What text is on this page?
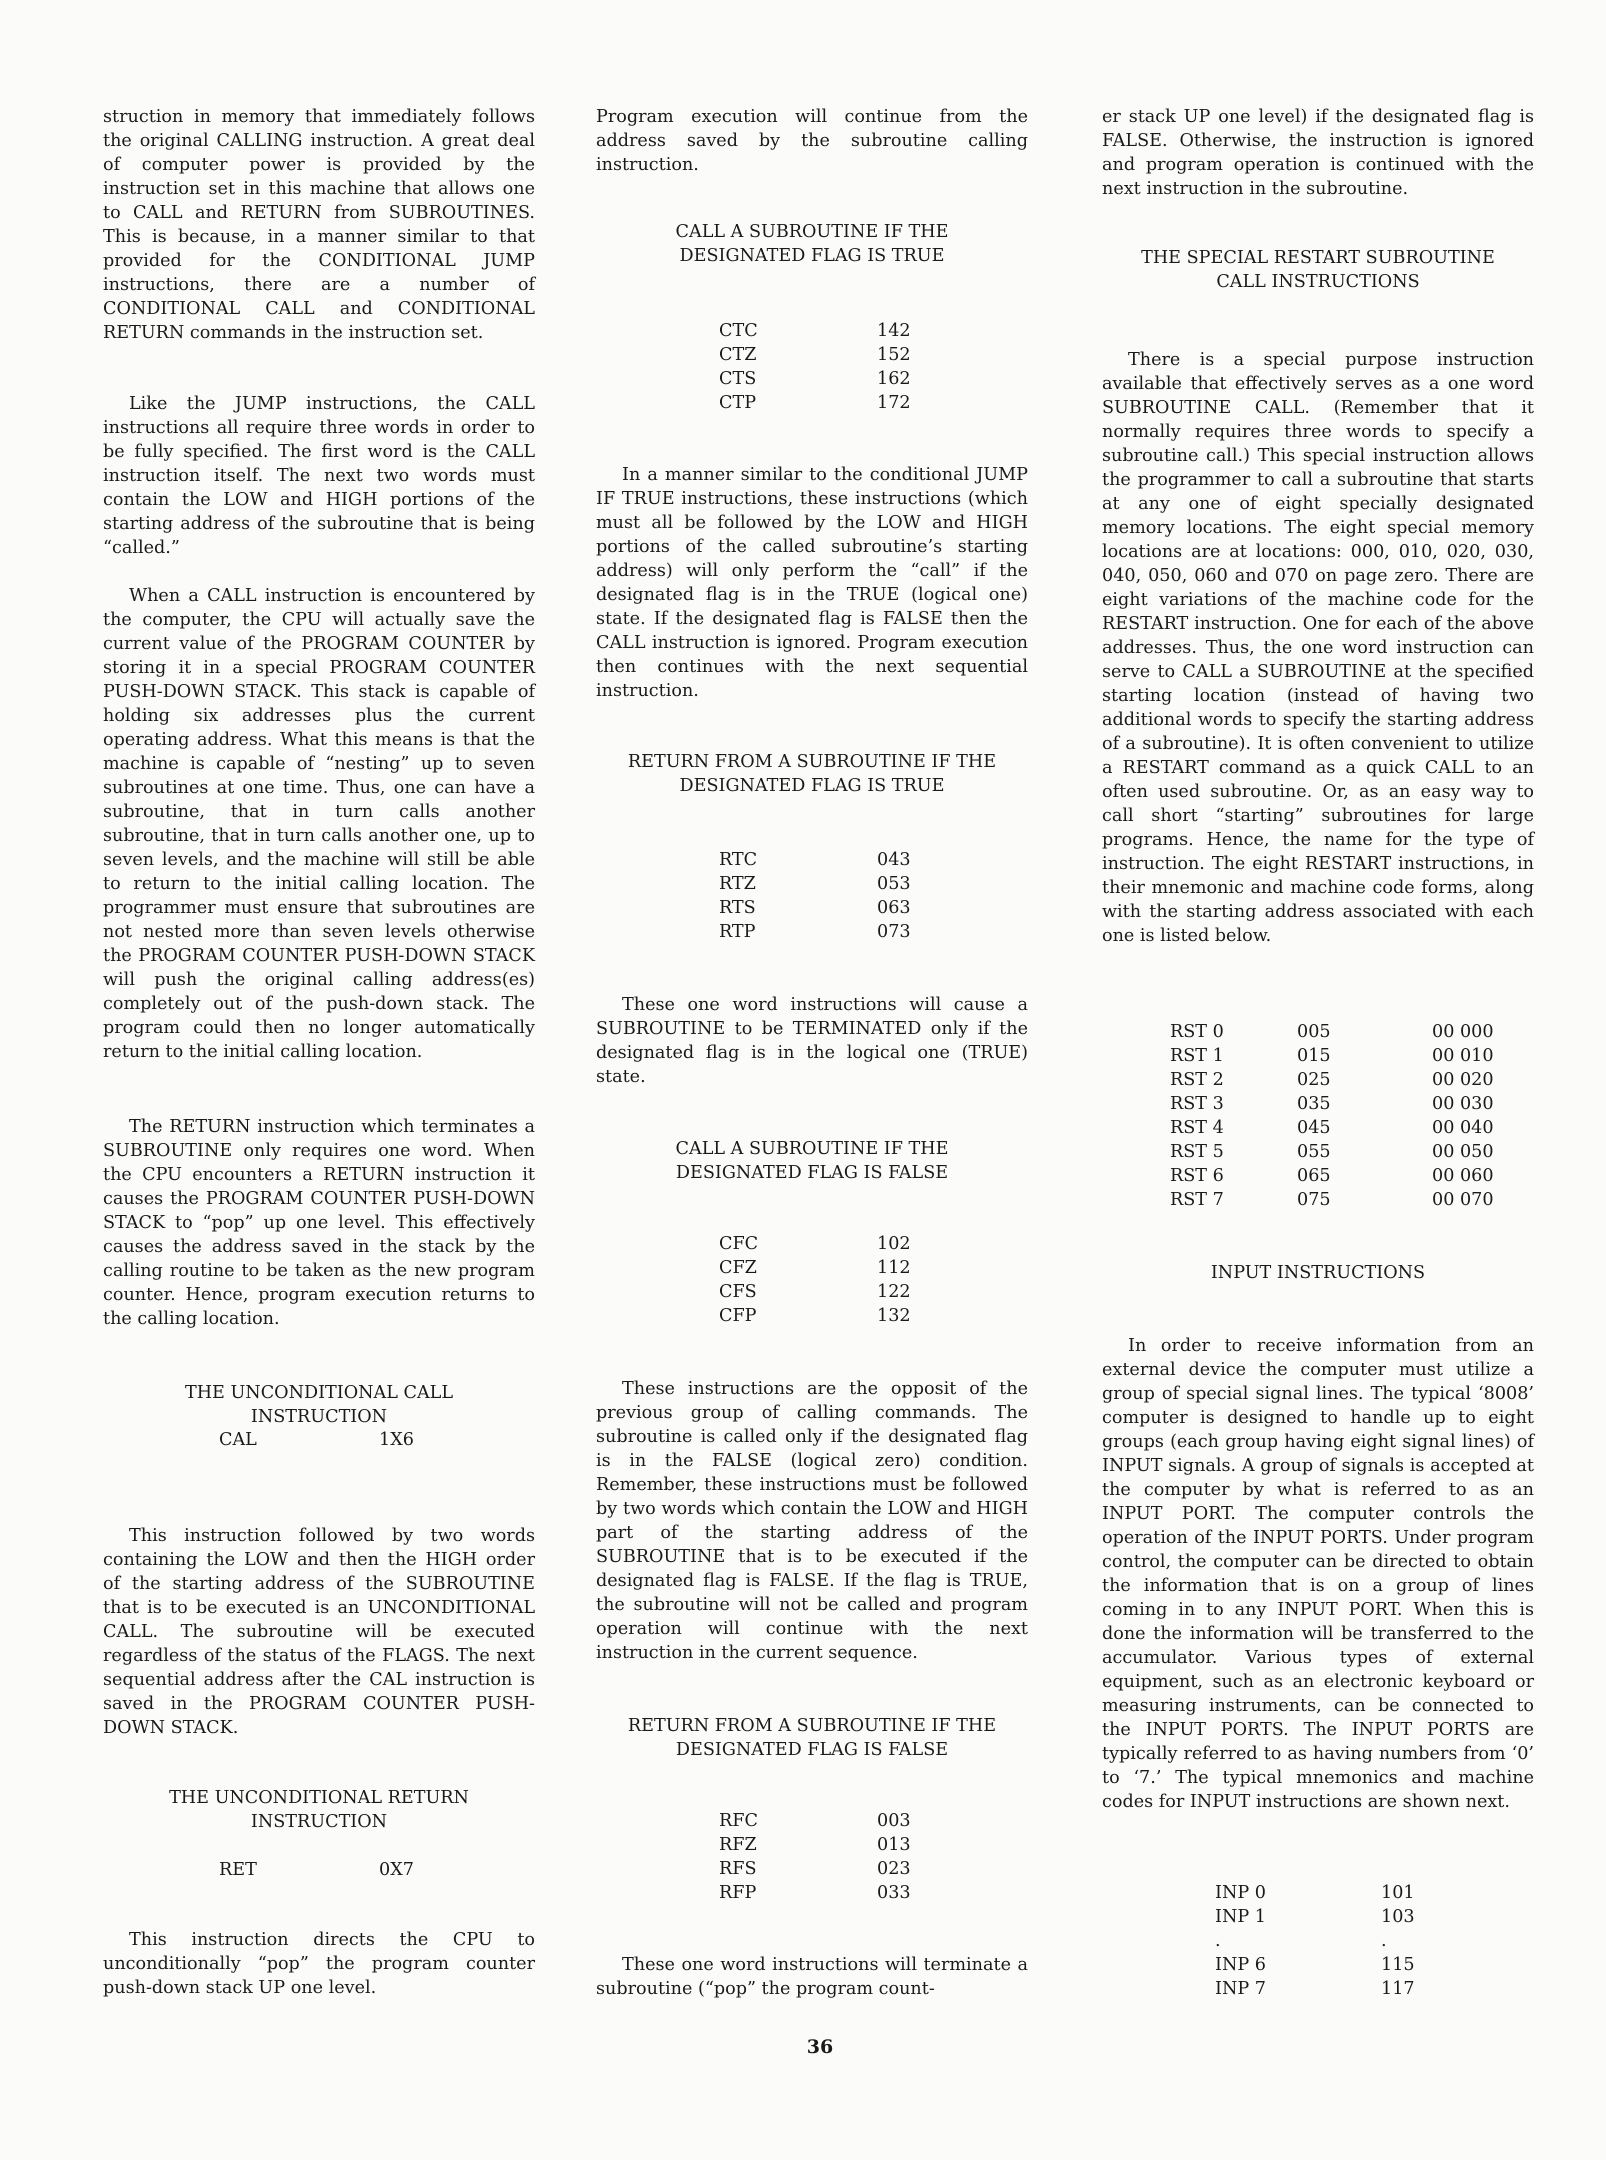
struction in memory that immediately follows the original CALLING instruction. A great deal of computer power is provided by the instruction set in this machine that allows one to CALL and RETURN from SUBROUTINES. This is because, in a manner similar to that provided for the CONDITIONAL JUMP instructions, there are a number of CONDITIONAL CALL and CONDITIONAL RETURN commands in the instruction set.

Like the JUMP instructions, the CALL instructions all require three words in order to be fully specified. The first word is the CALL instruction itself. The next two words must contain the LOW and HIGH portions of the starting address of the subroutine that is being “called.”

When a CALL instruction is encountered by the computer, the CPU will actually save the current value of the PROGRAM COUNTER by storing it in a special PROGRAM COUNTER PUSH-DOWN STACK. This stack is capable of holding six addresses plus the current operating address. What this means is that the machine is capable of “nesting” up to seven subroutines at one time. Thus, one can have a subroutine, that in turn calls another subroutine, that in turn calls another one, up to seven levels, and the machine will still be able to return to the initial calling location. The programmer must ensure that subroutines are not nested more than seven levels otherwise the PROGRAM COUNTER PUSH-DOWN STACK will push the original calling address(es) completely out of the push-down stack. The program could then no longer automatically return to the initial calling location.

The RETURN instruction which terminates a SUBROUTINE only requires one word. When the CPU encounters a RETURN instruction it causes the PROGRAM COUNTER PUSH-DOWN STACK to “pop” up one level. This effectively causes the address saved in the stack by the calling routine to be taken as the new program counter. Hence, program execution returns to the calling location.

THE UNCONDITIONAL CALL
INSTRUCTION
CAL	1X6

This instruction followed by two words containing the LOW and then the HIGH order of the starting address of the SUBROUTINE that is to be executed is an UNCONDITIONAL CALL. The subroutine will be executed regardless of the status of the FLAGS. The next sequential address after the CAL instruction is saved in the PROGRAM COUNTER PUSH-DOWN STACK.

THE UNCONDITIONAL RETURN
INSTRUCTION
RET	0X7

This instruction directs the CPU to unconditionally “pop” the program counter push-down stack UP one level.

Program execution will continue from the address saved by the subroutine calling instruction.

CALL A SUBROUTINE IF THE
DESIGNATED FLAG IS TRUE
CTC	142
CTZ	152
CTS	162
CTP	172

In a manner similar to the conditional JUMP IF TRUE instructions, these instructions (which must all be followed by the LOW and HIGH portions of the called subroutine’s starting address) will only perform the “call” if the designated flag is in the TRUE (logical one) state. If the designated flag is FALSE then the CALL instruction is ignored. Program execution then continues with the next sequential instruction.

RETURN FROM A SUBROUTINE IF THE
DESIGNATED FLAG IS TRUE
RTC	043
RTZ	053
RTS	063
RTP	073

These one word instructions will cause a SUBROUTINE to be TERMINATED only if the designated flag is in the logical one (TRUE) state.

CALL A SUBROUTINE IF THE
DESIGNATED FLAG IS FALSE
CFC	102
CFZ	112
CFS	122
CFP	132

These instructions are the opposit of the previous group of calling commands. The subroutine is called only if the designated flag is in the FALSE (logical zero) condition. Remember, these instructions must be followed by two words which contain the LOW and HIGH part of the starting address of the SUBROUTINE that is to be executed if the designated flag is FALSE. If the flag is TRUE, the subroutine will not be called and program operation will continue with the next instruction in the current sequence.

RETURN FROM A SUBROUTINE IF THE
DESIGNATED FLAG IS FALSE
RFC	003
RFZ	013
RFS	023
RFP	033

These one word instructions will terminate a subroutine (“pop” the program count-

er stack UP one level) if the designated flag is FALSE. Otherwise, the instruction is ignored and program operation is continued with the next instruction in the subroutine.

THE SPECIAL RESTART SUBROUTINE
CALL INSTRUCTIONS

There is a special purpose instruction available that effectively serves as a one word SUBROUTINE CALL. (Remember that it normally requires three words to specify a subroutine call.) This special instruction allows the programmer to call a subroutine that starts at any one of eight specially designated memory locations. The eight special memory locations are at locations: 000, 010, 020, 030, 040, 050, 060 and 070 on page zero. There are eight variations of the machine code for the RESTART instruction. One for each of the above addresses. Thus, the one word instruction can serve to CALL a SUBROUTINE at the specified starting location (instead of having two additional words to specify the starting address of a subroutine). It is often convenient to utilize a RESTART command as a quick CALL to an often used subroutine. Or, as an easy way to call short “starting” subroutines for large programs. Hence, the name for the type of instruction. The eight RESTART instructions, in their mnemonic and machine code forms, along with the starting address associated with each one is listed below.

RST 0	005	00 000
RST 1	015	00 010
RST 2	025	00 020
RST 3	035	00 030
RST 4	045	00 040
RST 5	055	00 050
RST 6	065	00 060
RST 7	075	00 070
INPUT INSTRUCTIONS

In order to receive information from an external device the computer must utilize a group of special signal lines. The typical ‘8008’ computer is designed to handle up to eight groups (each group having eight signal lines) of INPUT signals. A group of signals is accepted at the computer by what is referred to as an INPUT PORT. The computer controls the operation of the INPUT PORTS. Under program control, the computer can be directed to obtain the information that is on a group of lines coming in to any INPUT PORT. When this is done the information will be transferred to the accumulator. Various types of external equipment, such as an electronic keyboard or measuring instruments, can be connected to the INPUT PORTS. The INPUT PORTS are typically referred to as having numbers from ‘0’ to ‘7.’ The typical mnemonics and machine codes for INPUT instructions are shown next.

INP 0	101
INP 1	103
.	.
INP 6	115
INP 7	117
36
